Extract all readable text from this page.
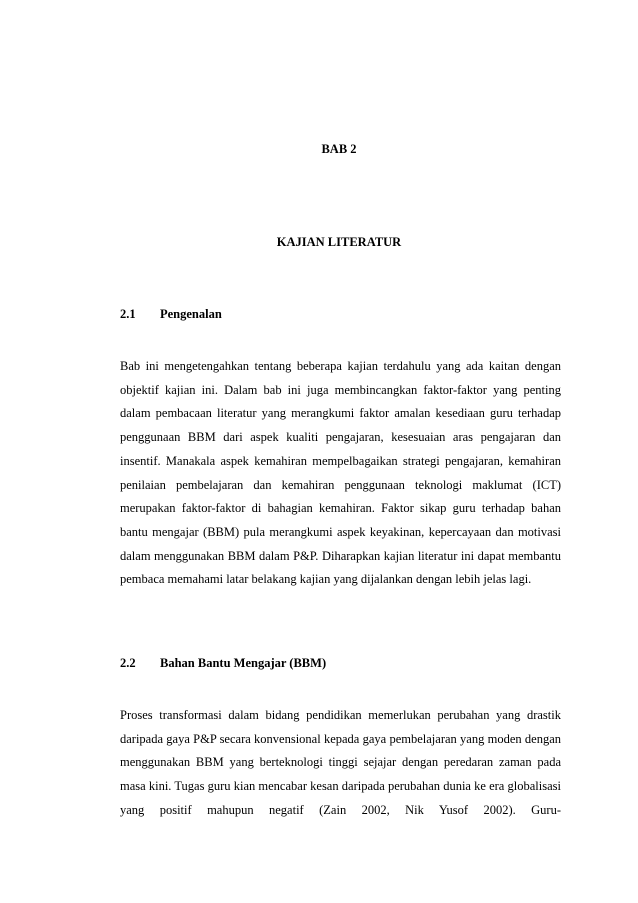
BAB 2
KAJIAN LITERATUR
2.1 Pengenalan

Bab ini mengetengahkan tentang beberapa kajian terdahulu yang ada kaitan dengan objektif kajian ini. Dalam bab ini juga membincangkan faktor-faktor yang penting dalam pembacaan literatur yang merangkumi faktor amalan kesediaan guru terhadap penggunaan BBM dari aspek kualiti pengajaran, kesesuaian aras pengajaran dan insentif. Manakala aspek kemahiran mempelbagaikan strategi pengajaran, kemahiran penilaian pembelajaran dan kemahiran penggunaan teknologi maklumat (ICT) merupakan faktor-faktor di bahagian kemahiran. Faktor sikap guru terhadap bahan bantu mengajar (BBM) pula merangkumi aspek keyakinan, kepercayaan dan motivasi dalam menggunakan BBM dalam P&P. Diharapkan kajian literatur ini dapat membantu pembaca memahami latar belakang kajian yang dijalankan dengan lebih jelas lagi.

2.2 Bahan Bantu Mengajar (BBM)

Proses transformasi dalam bidang pendidikan memerlukan perubahan yang drastik daripada gaya P&P secara konvensional kepada gaya pembelajaran yang moden dengan menggunakan BBM yang berteknologi tinggi sejajar dengan peredaran zaman pada masa kini. Tugas guru kian mencabar kesan daripada perubahan dunia ke era globalisasi yang positif mahupun negatif (Zain 2002, Nik Yusof 2002). Guru-
